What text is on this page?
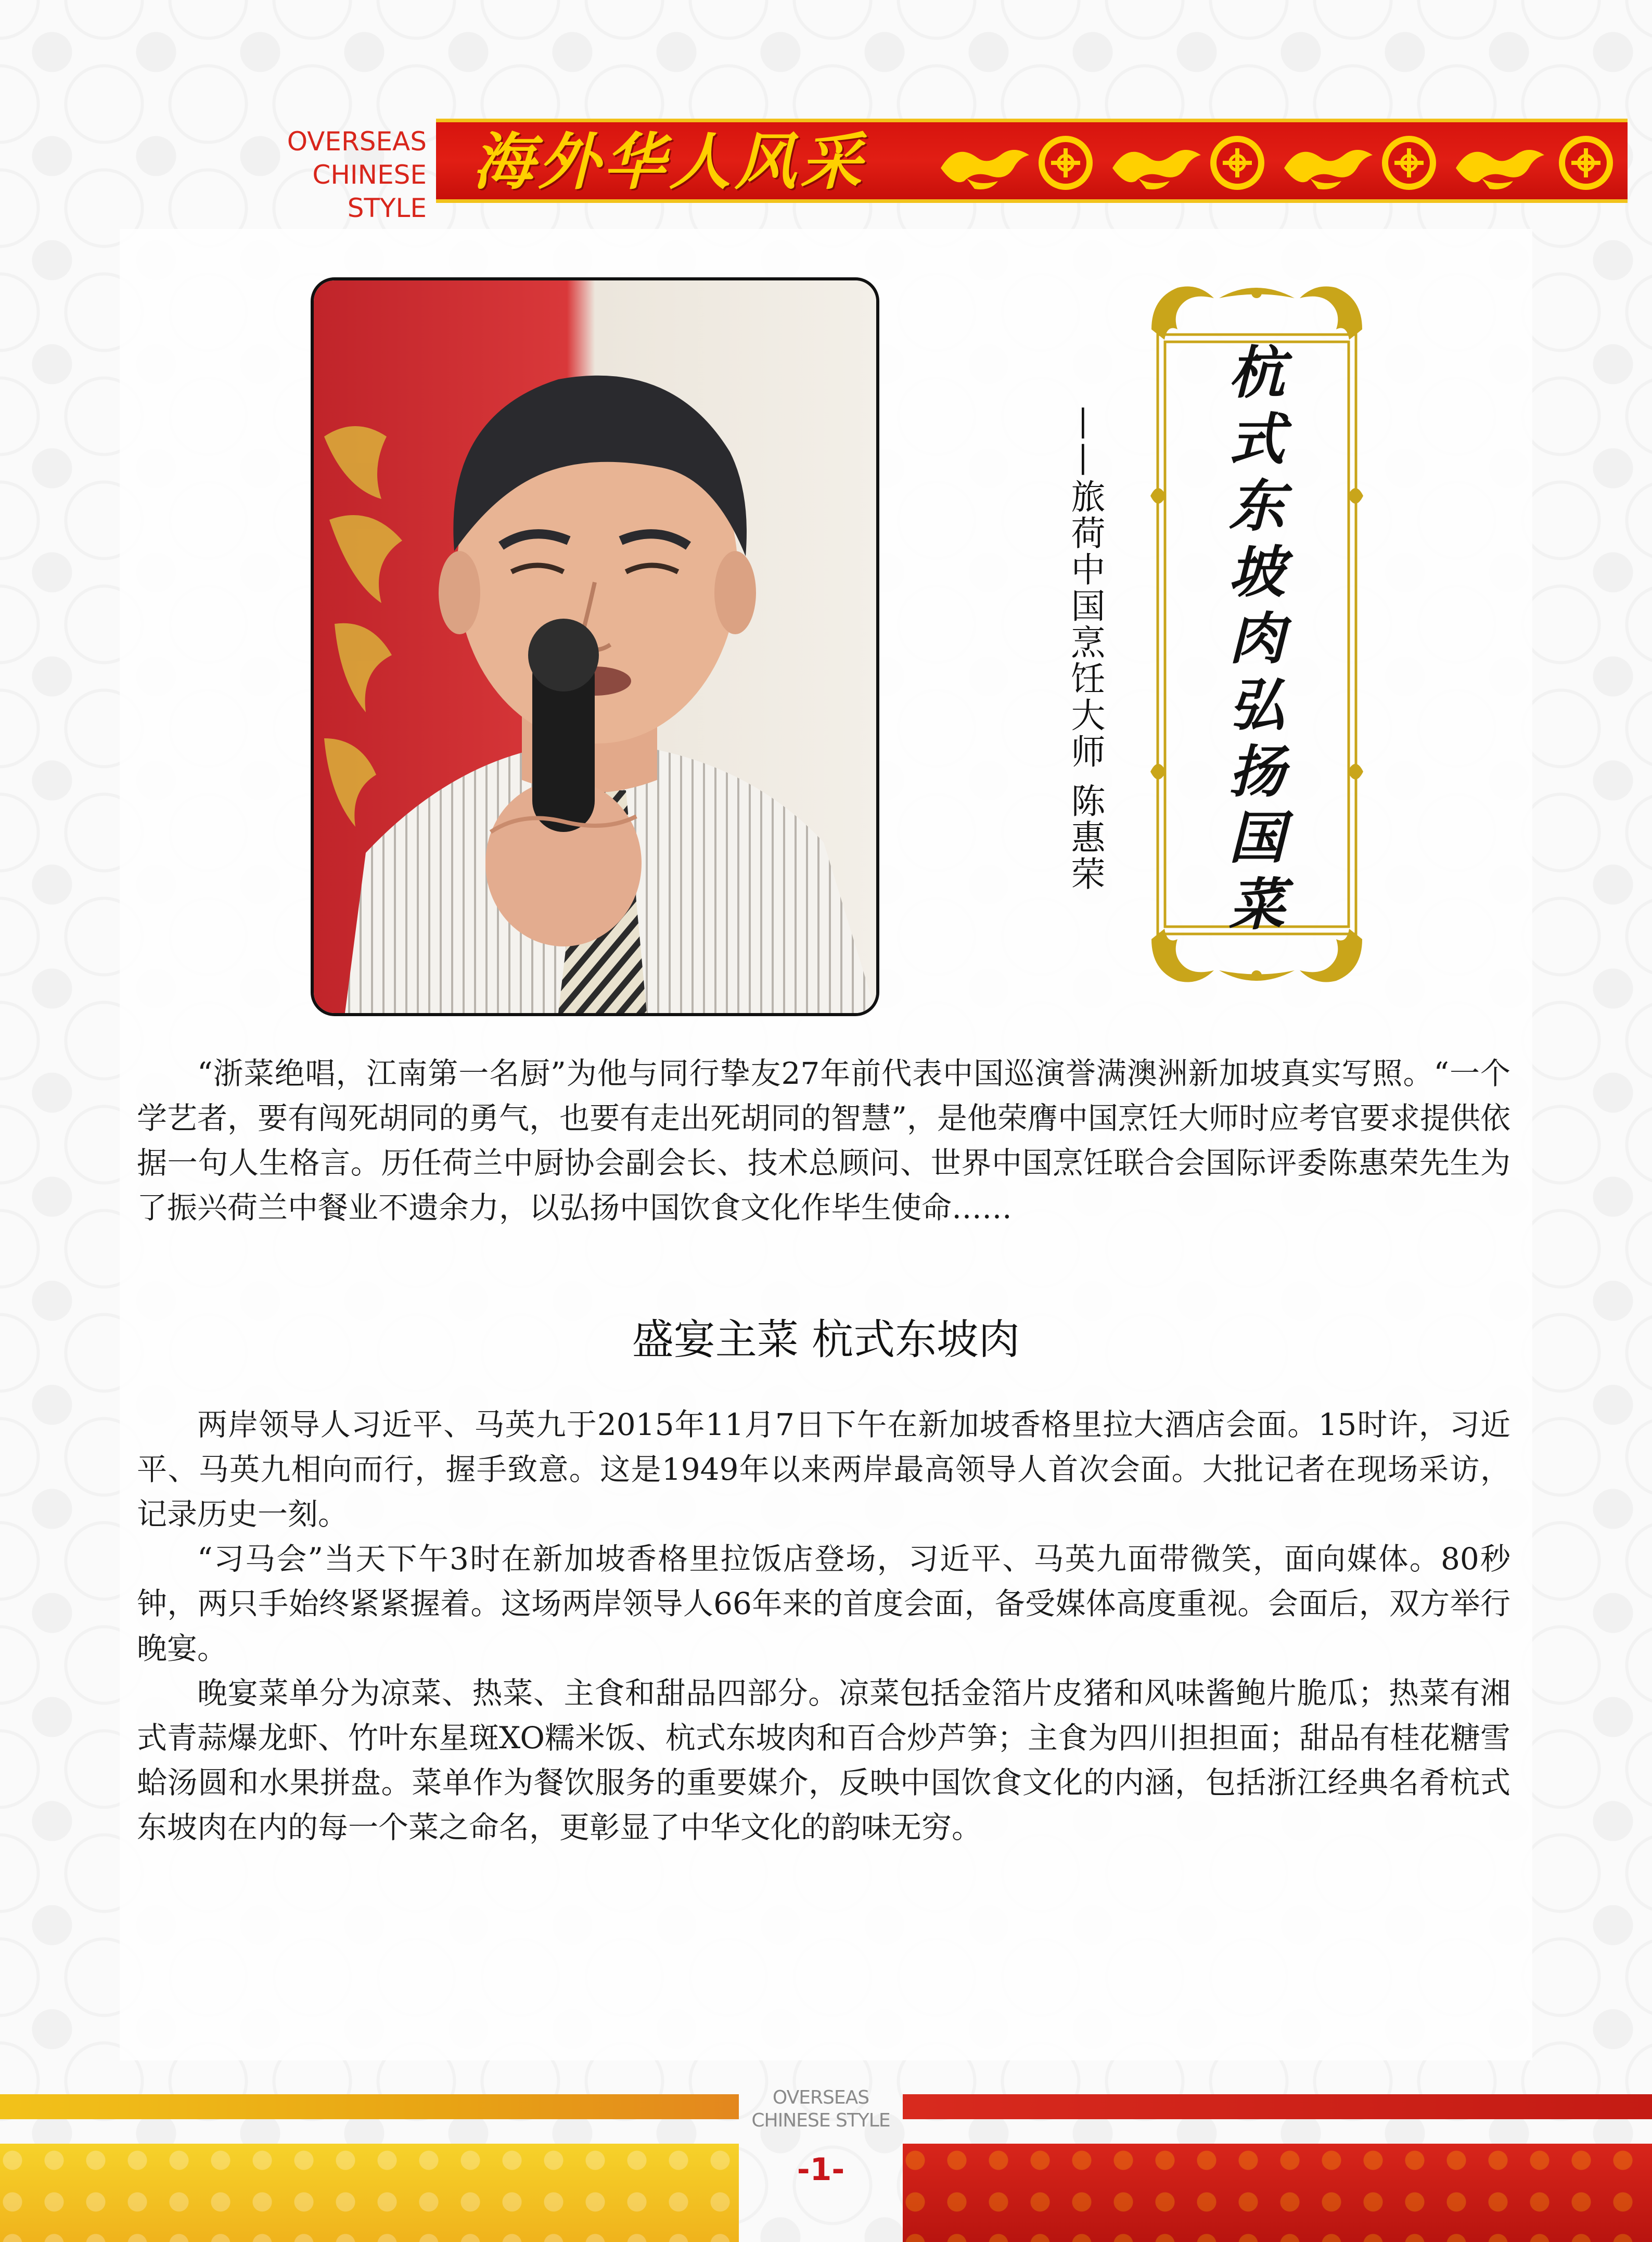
OVERSEAS
CHINESE STYLE
海外华人风采
——旅荷中国烹饪大师 陈惠荣
杭
式
东
坡
肉
弘
扬
国
菜

“浙菜绝唱，江南第一名厨”为他与同行挚友27年前代表中国巡演誉满澳洲新加坡真实写照。“一个学艺者，要有闯死胡同的勇气，也要有走出死胡同的智慧”，是他荣膺中国烹饪大师时应考官要求提供依据一句人生格言。历任荷兰中厨协会副会长、技术总顾问、世界中国烹饪联合会国际评委陈惠荣先生为了振兴荷兰中餐业不遗余力，以弘扬中国饮食文化作毕生使命……

盛宴主菜 杭式东坡肉

两岸领导人习近平、马英九于2015年11月7日下午在新加坡香格里拉大酒店会面。15时许，习近平、马英九相向而行，握手致意。这是1949年以来两岸最高领导人首次会面。大批记者在现场采访，记录历史一刻。

“习马会”当天下午3时在新加坡香格里拉饭店登场，习近平、马英九面带微笑，面向媒体。80秒钟，两只手始终紧紧握着。这场两岸领导人66年来的首度会面，备受媒体高度重视。会面后，双方举行晚宴。

晚宴菜单分为凉菜、热菜、主食和甜品四部分。凉菜包括金箔片皮猪和风味酱鲍片脆瓜；热菜有湘式青蒜爆龙虾、竹叶东星斑XO糯米饭、杭式东坡肉和百合炒芦笋；主食为四川担担面；甜品有桂花糖雪蛤汤圆和水果拼盘。菜单作为餐饮服务的重要媒介，反映中国饮食文化的内涵，包括浙江经典名肴杭式东坡肉在内的每一个菜之命名，更彰显了中华文化的韵味无穷。

OVERSEAS
CHINESE STYLE
-1-
